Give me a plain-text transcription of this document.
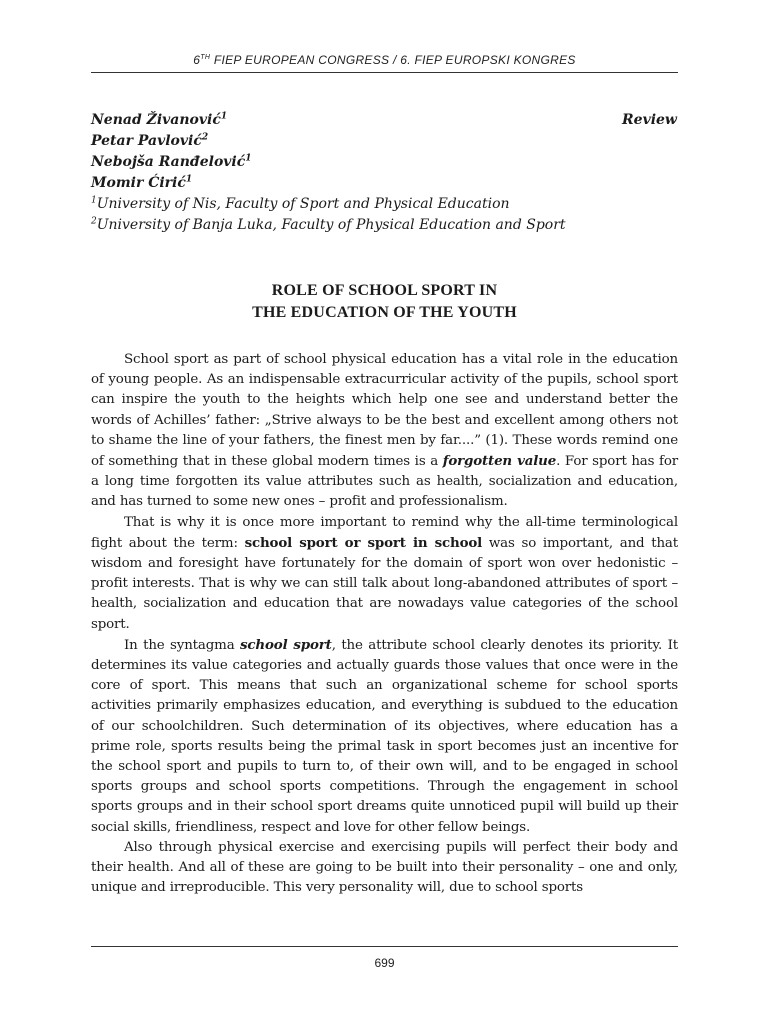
6TH FIEP EUROPEAN CONGRESS / 6. FIEP EUROPSKI KONGRES
Nenad Živanović$^1$
Petar Pavlović$^2$
Nebojša Ranđelović$^1$
Momir Ćirić$^1$
$^1$University of Nis, Faculty of Sport and Physical Education
$^2$University of Banja Luka, Faculty of Physical Education and Sport
Review
ROLE OF SCHOOL SPORT IN
THE EDUCATION OF THE YOUTH

School sport as part of school physical education has a vital role in the education of young people. As an indispensable extracurricular activity of the pupils, school sport can inspire the youth to the heights which help one see and understand better the words of Achilles’ father: „Strive always to be the best and excellent among others not to shame the line of your fathers, the finest men by far....” (1). These words remind one of something that in these global modern times is a forgotten value. For sport has for a long time forgotten its value attributes such as health, socialization and education, and has turned to some new ones – profit and professionalism.

That is why it is once more important to remind why the all-time terminological fight about the term: school sport or sport in school was so important, and that wisdom and foresight have fortunately for the domain of sport won over hedonistic – profit interests. That is why we can still talk about long-abandoned attributes of sport – health, socialization and education that are nowadays value categories of the school sport.

In the syntagma school sport, the attribute school clearly denotes its priority. It determines its value categories and actually guards those values that once were in the core of sport. This means that such an organizational scheme for school sports activities primarily emphasizes education, and everything is subdued to the education of our schoolchildren. Such determination of its objectives, where education has a prime role, sports results being the primal task in sport becomes just an incentive for the school sport and pupils to turn to, of their own will, and to be engaged in school sports groups and school sports competitions. Through the engagement in school sports groups and in their school sport dreams quite unnoticed pupil will build up their social skills, friendliness, respect and love for other fellow beings.

Also through physical exercise and exercising pupils will perfect their body and their health. And all of these are going to be built into their personality – one and only, unique and irreproducible. This very personality will, due to school sports

699
